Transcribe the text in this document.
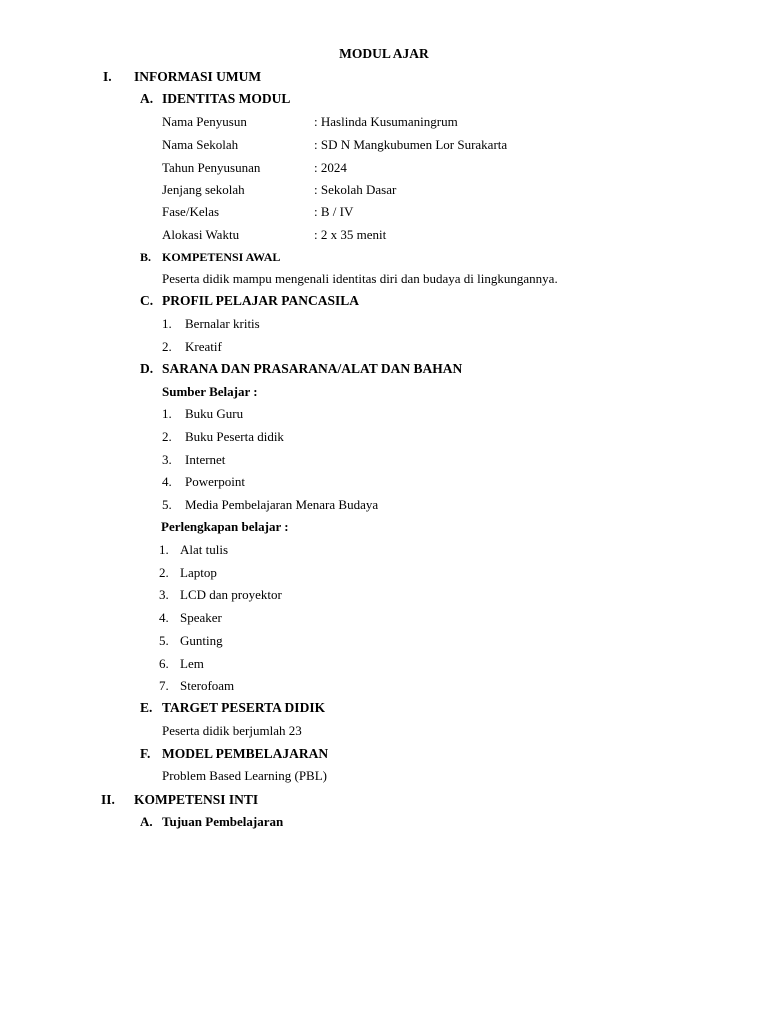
MODUL AJAR
I. INFORMASI UMUM
A. IDENTITAS MODUL
Nama Penyusun	: Haslinda Kusumaningrum
Nama Sekolah	: SD N Mangkubumen Lor Surakarta
Tahun Penyusunan	: 2024
Jenjang sekolah	: Sekolah Dasar
Fase/Kelas	: B / IV
Alokasi Waktu	: 2 x 35 menit
B. KOMPETENSI AWAL
Peserta didik mampu mengenali identitas diri dan budaya di lingkungannya.
C. PROFIL PELAJAR PANCASILA
1. Bernalar kritis
2. Kreatif
D. SARANA DAN PRASARANA/ALAT DAN BAHAN
Sumber Belajar :
1. Buku Guru
2. Buku Peserta didik
3. Internet
4. Powerpoint
5. Media Pembelajaran Menara Budaya
Perlengkapan belajar :
1. Alat tulis
2. Laptop
3. LCD dan proyektor
4. Speaker
5. Gunting
6. Lem
7. Sterofoam
E. TARGET PESERTA DIDIK
Peserta didik berjumlah 23
F. MODEL PEMBELAJARAN
Problem Based Learning (PBL)
II. KOMPETENSI INTI
A. Tujuan Pembelajaran
